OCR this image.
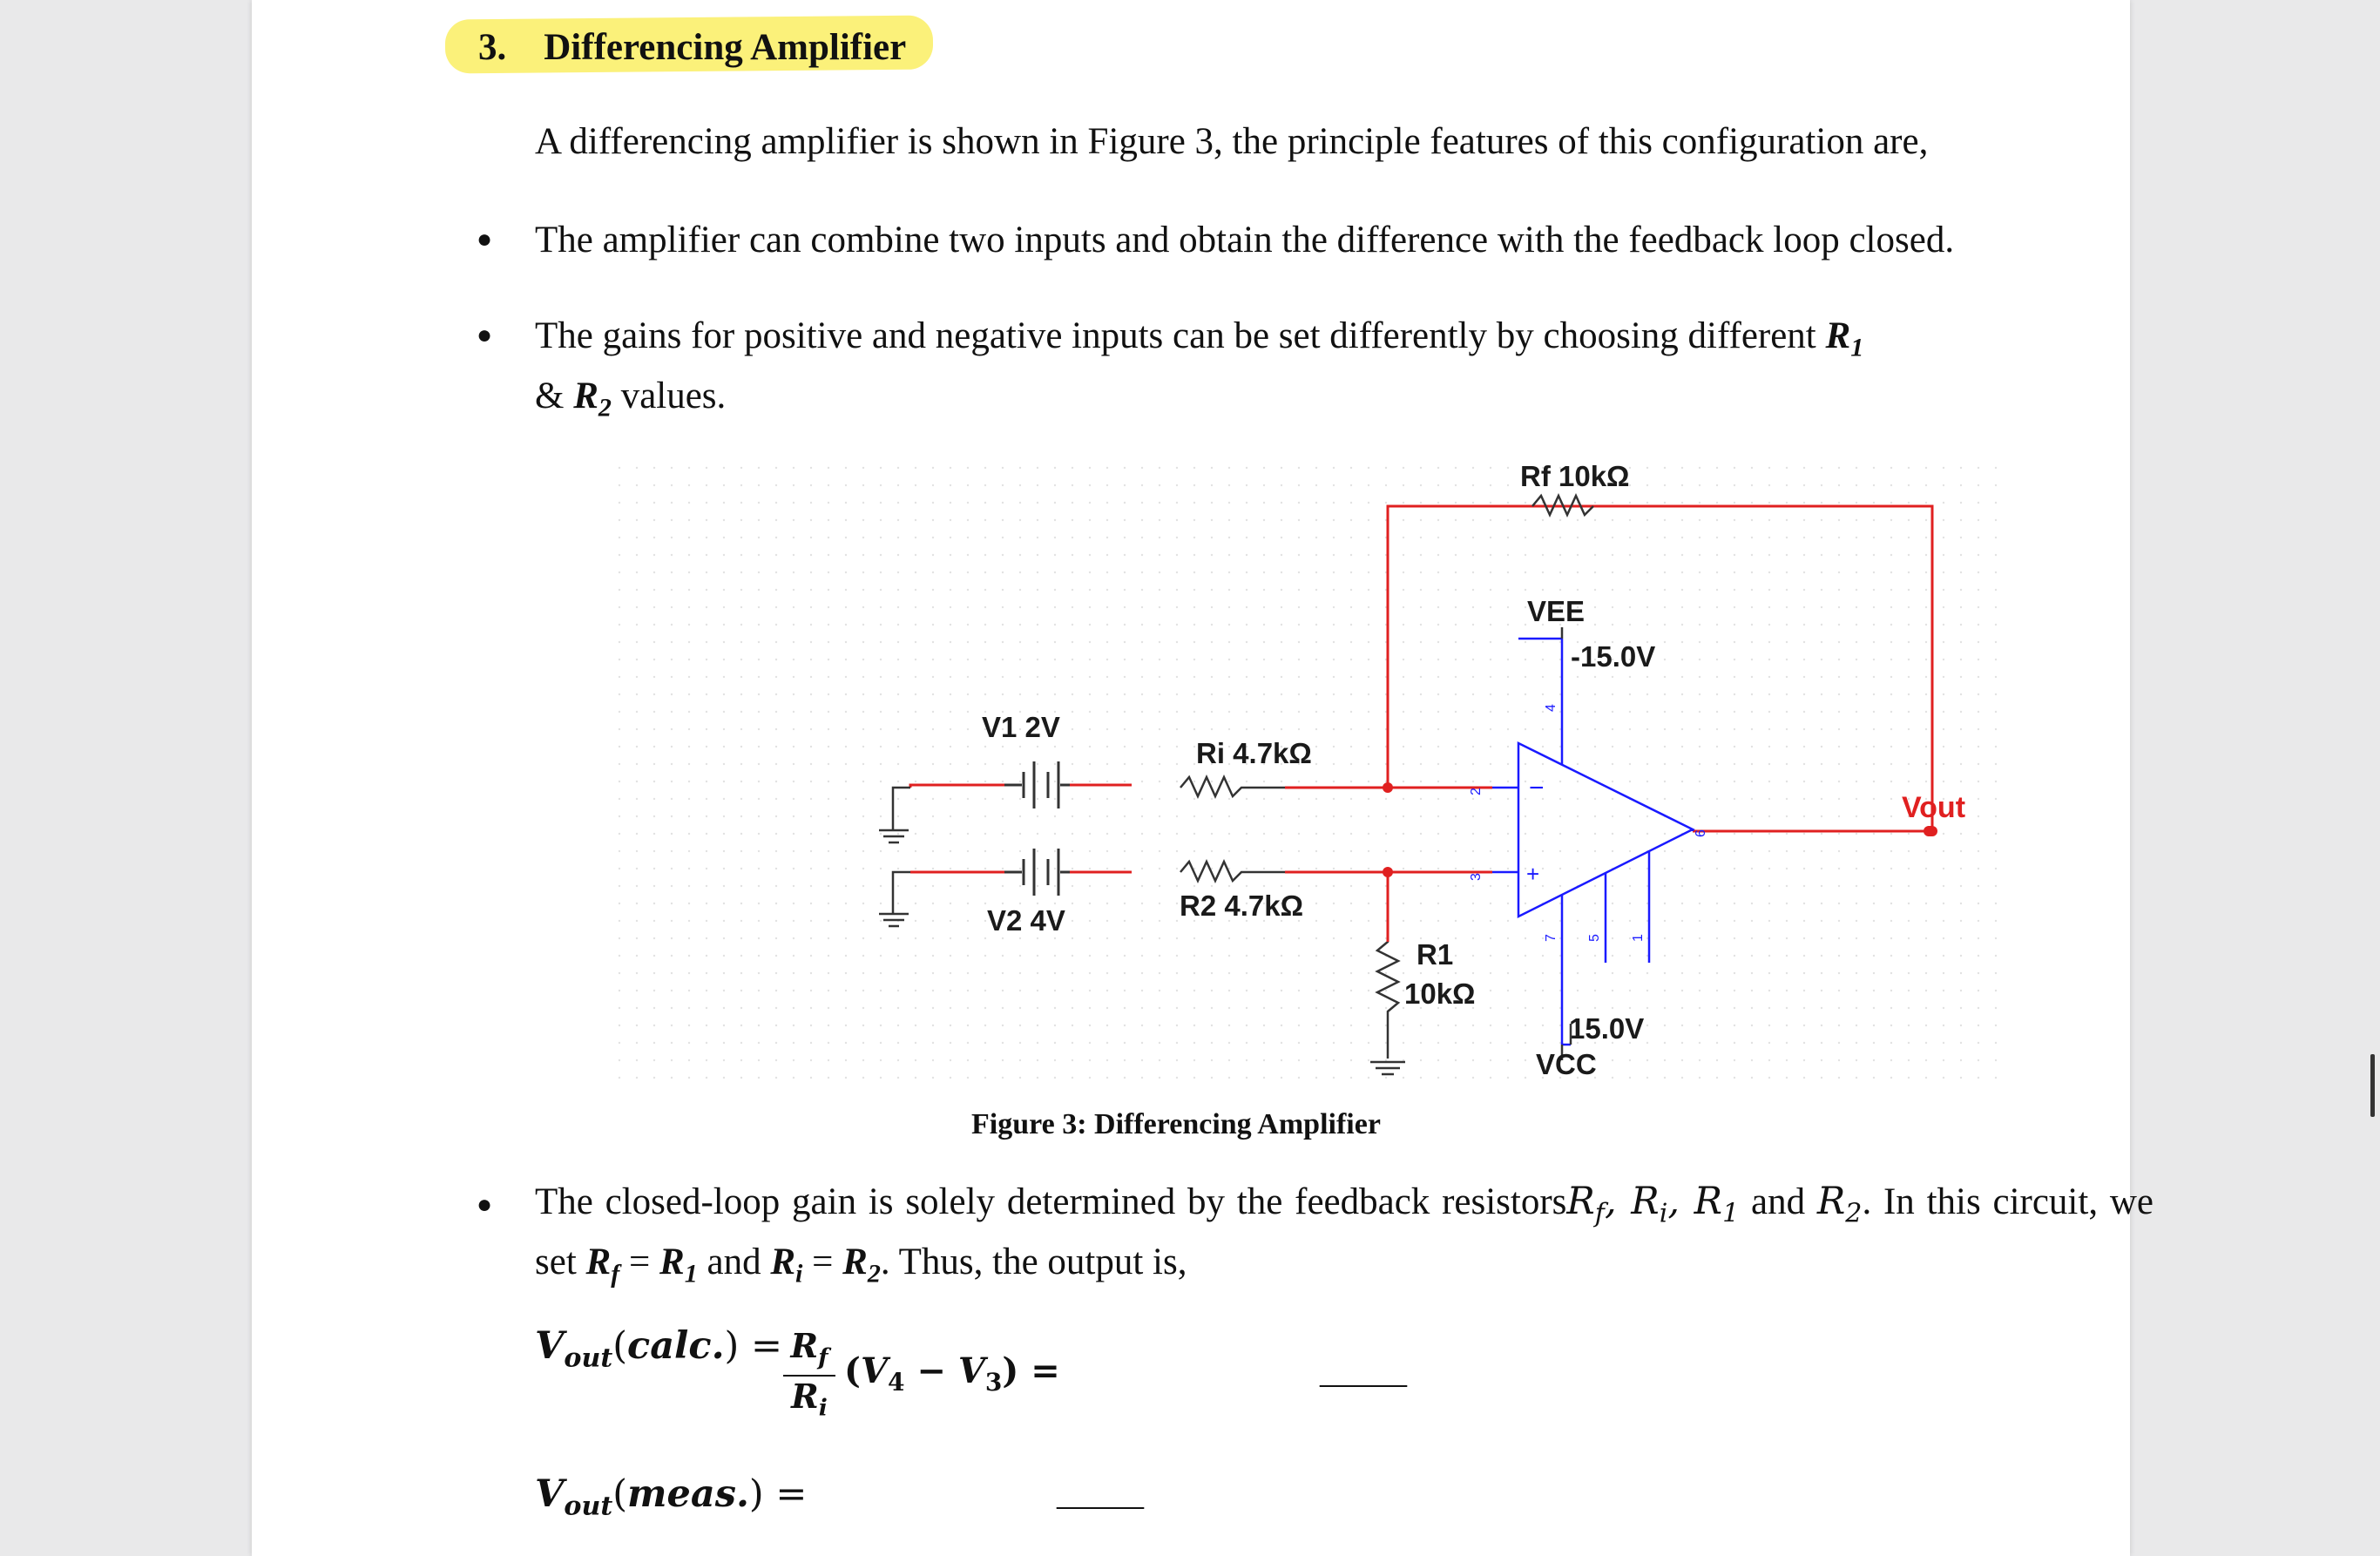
3. Differencing Amplifier
A differencing amplifier is shown in Figure 3, the principle features of this configuration are,
● The amplifier can combine two inputs and obtain the difference with the feedback loop closed.
● The gains for positive and negative inputs can be set differently by choosing different $R_1$
& $R_2$ values.
−
+
4
2
3
6
7 5 1
Rf 10kΩ
VEE
-15.0V
V1 2V
Ri 4.7kΩ
V2 4V	R2 4.7kΩ
R1
10kΩ
15.0V
VCC
Vout
Figure 3: Differencing Amplifier
● The closed-loop gain is solely determined by the feedback resistorsR$_f$, $R_i$, $R_1$ and $R_2$. In this circuit, we set $R_f = R_1$ and $R_i = R_2$. Thus, the output is,
$V_{out}(calc.) = R_f$
$R_i$
$(V_4 - V_3)$ =	_____
$V_{out}(meas.)$ =	_____
